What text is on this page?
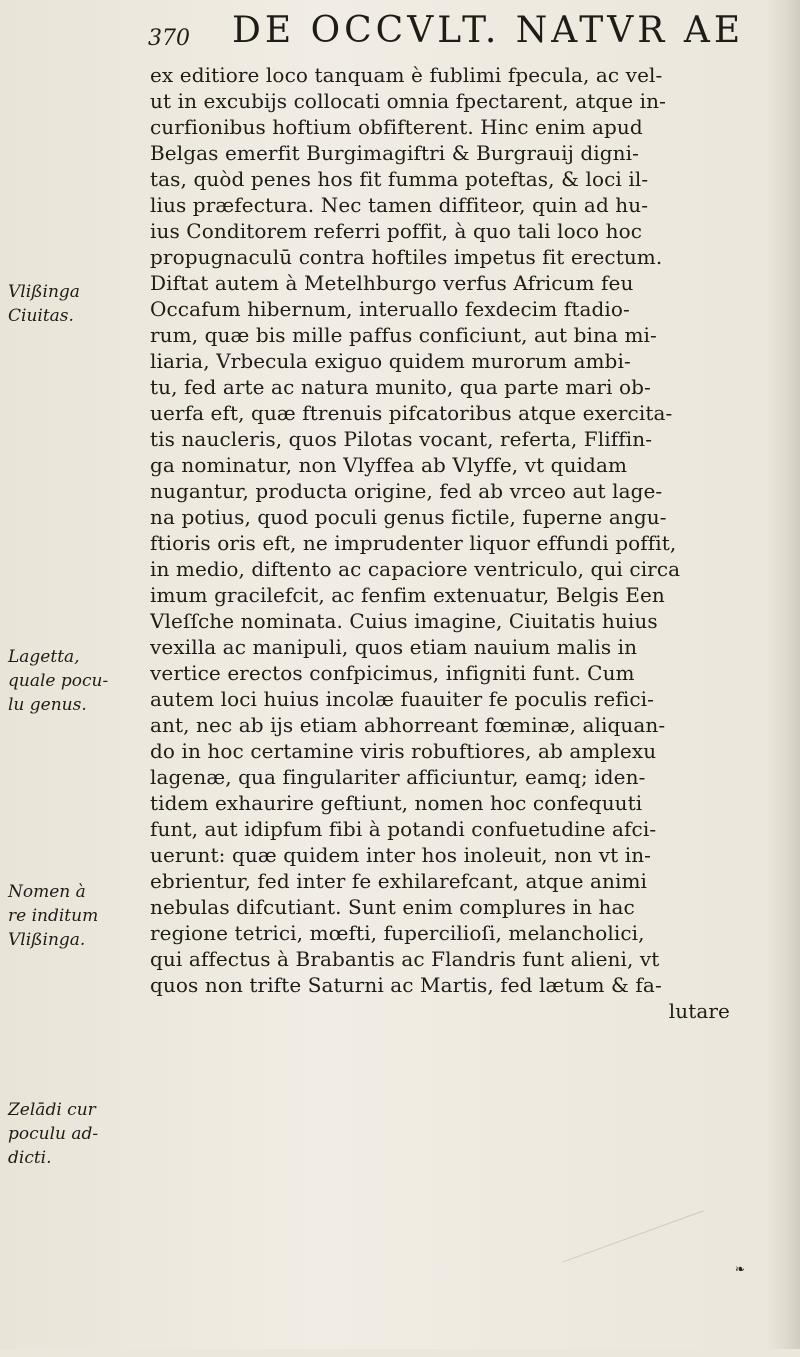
370 DE OCCVLT. NATVR AE
Vlißinga
Ciuitas.
Lagetta,
quale pocu-
lu genus.
Nomen à
re inditum
Vlißinga.
Zelādi cur
poculu ad-
dicti.
ex editiore loco tanquam è fublimi fpecula, ac vel-
ut in excubijs collocati omnia fpectarent, atque in-
curfionibus hoftium obfifterent. Hinc enim apud
Belgas emerfit Burgimagiftri & Burgrauij digni-
tas, quòd penes hos fit fumma poteftas, & loci il-
lius præfectura. Nec tamen diffiteor, quin ad hu-
ius Conditorem referri poffit, à quo tali loco hoc
propugnaculū contra hoftiles impetus fit erectum.
Diftat autem à Metelhburgo verfus Africum feu
Occafum hibernum, interuallo fexdecim ftadio-
rum, quæ bis mille paffus conficiunt, aut bina mi-
liaria, Vrbecula exiguo quidem murorum ambi-
tu, fed arte ac natura munito, qua parte mari ob-
uerfa eft, quæ ftrenuis pifcatoribus atque exercita-
tis naucleris, quos Pilotas vocant, referta, Fliffin-
ga nominatur, non Vlyffea ab Vlyffe, vt quidam
nugantur, producta origine, fed ab vrceo aut lage-
na potius, quod poculi genus fictile, fuperne angu-
ftioris oris eft, ne imprudenter liquor effundi poffit,
in medio, diftento ac capaciore ventriculo, qui circa
imum gracilefcit, ac fenfim extenuatur, Belgis Een
Vleſſche nominata. Cuius imagine, Ciuitatis huius
vexilla ac manipuli, quos etiam nauium malis in
vertice erectos confpicimus, infigniti funt. Cum
autem loci huius incolæ fuauiter fe poculis refici-
ant, nec ab ijs etiam abhorreant fœminæ, aliquan-
do in hoc certamine viris robuftiores, ab amplexu
lagenæ, qua fingulariter afficiuntur, eamq; iden-
tidem exhaurire geftiunt, nomen hoc confequuti
funt, aut idipfum fibi à potandi confuetudine afci-
uerunt: quæ quidem inter hos inoleuit, non vt in-
ebrientur, fed inter fe exhilarefcant, atque animi
nebulas difcutiant. Sunt enim complures in hac
regione tetrici, mœfti, fupercilioſi, melancholici,
qui affectus à Brabantis ac Flandris funt alieni, vt
quos non trifte Saturni ac Martis, fed lætum & fa-
lutare
❧
